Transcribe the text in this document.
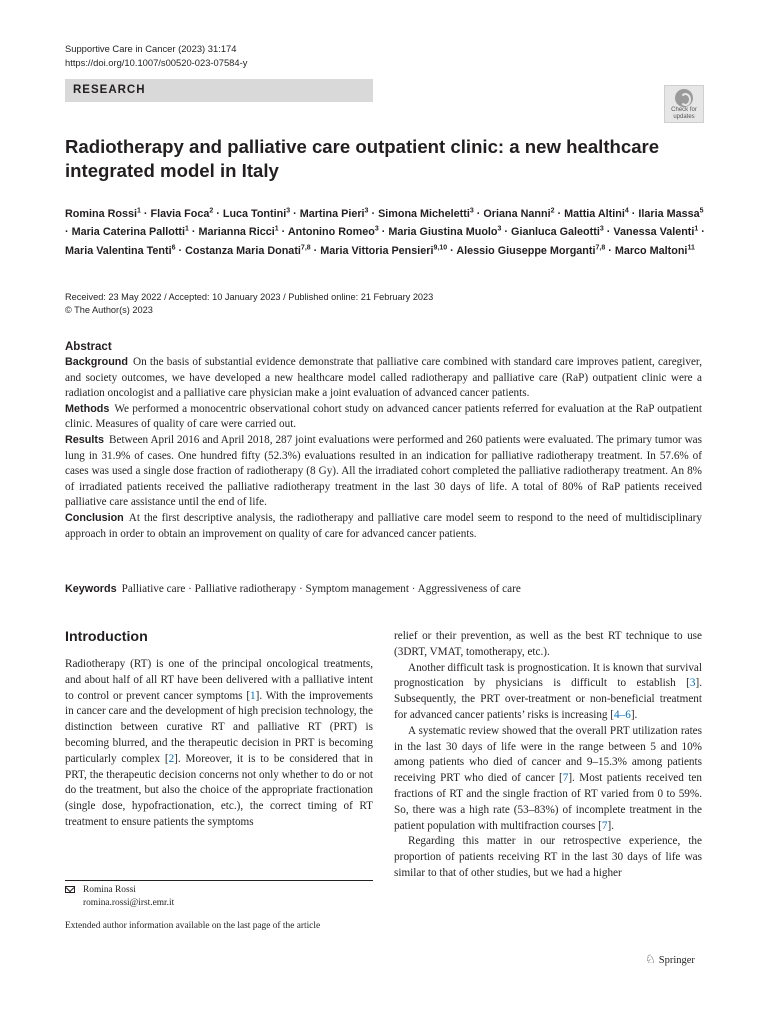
Supportive Care in Cancer (2023) 31:174
https://doi.org/10.1007/s00520-023-07584-y
RESEARCH
Check for
updates
Radiotherapy and palliative care outpatient clinic: a new healthcare integrated model in Italy
Romina Rossi$^1$ · Flavia Foca$^2$ · Luca Tontini$^3$ · Martina Pieri$^3$ · Simona Micheletti$^3$ · Oriana Nanni$^2$ · Mattia Altini$^4$ · Ilaria Massa$^5$ · Maria Caterina Pallotti$^1$ · Marianna Ricci$^1$ · Antonino Romeo$^3$ · Maria Giustina Muolo$^3$ · Gianluca Galeotti$^3$ · Vanessa Valenti$^1$ · Maria Valentina Tenti$^6$ · Costanza Maria Donati$^{7,8}$ · Maria Vittoria Pensieri$^{9,10}$ · Alessio Giuseppe Morganti$^{7,8}$ · Marco Maltoni$^{11}$
Received: 23 May 2022 / Accepted: 10 January 2023 / Published online: 21 February 2023
© The Author(s) 2023
Abstract

Background On the basis of substantial evidence demonstrate that palliative care combined with standard care improves patient, caregiver, and society outcomes, we have developed a new healthcare model called radiotherapy and palliative care (RaP) outpatient clinic were a radiation oncologist and a palliative care physician make a joint evaluation of advanced cancer patients.

Methods We performed a monocentric observational cohort study on advanced cancer patients referred for evaluation at the RaP outpatient clinic. Measures of quality of care were carried out.

Results Between April 2016 and April 2018, 287 joint evaluations were performed and 260 patients were evaluated. The primary tumor was lung in 31.9% of cases. One hundred fifty (52.3%) evaluations resulted in an indication for palliative radiotherapy treatment. In 57.6% of cases was used a single dose fraction of radiotherapy (8 Gy). All the irradiated cohort completed the palliative radiotherapy treatment. An 8% of irradiated patients received the palliative radiotherapy treatment in the last 30 days of life. A total of 80% of RaP patients received palliative care assistance until the end of life.

Conclusion At the first descriptive analysis, the radiotherapy and palliative care model seem to respond to the need of multidisciplinary approach in order to obtain an improvement on quality of care for advanced cancer patients.

Keywords Palliative care · Palliative radiotherapy · Symptom management · Aggressiveness of care
Introduction

Radiotherapy (RT) is one of the principal oncological treatments, and about half of all RT have been delivered with a palliative intent to control or prevent cancer symptoms [1]. With the improvements in cancer care and the development of high precision technology, the distinction between curative RT and palliative RT (PRT) is becoming blurred, and the therapeutic decision in PRT is becoming particularly complex [2]. Moreover, it is to be considered that in PRT, the therapeutic decision concerns not only whether to do or not do the treatment, but also the choice of the appropriate fractionation (single dose, hypofractionation, etc.), the correct timing of RT treatment to ensure patients the symptoms

relief or their prevention, as well as the best RT technique to use (3DRT, VMAT, tomotherapy, etc.).

Another difficult task is prognostication. It is known that survival prognostication by physicians is difficult to establish [3]. Subsequently, the PRT over-treatment or non-beneficial treatment for advanced cancer patients’ risks is increasing [4–6].

A systematic review showed that the overall PRT utilization rates in the last 30 days of life were in the range between 5 and 10% among patients who died of cancer and 9–15.3% among patients receiving PRT who died of cancer [7]. Most patients received ten fractions of RT and the single fraction of RT varied from 0 to 59%. So, there was a high rate (53–83%) of incomplete treatment in the patient population with multifraction courses [7].

Regarding this matter in our retrospective experience, the proportion of patients receiving RT in the last 30 days of life was similar to that of other studies, but we had a higher

Romina Rossi
romina.rossi@irst.emr.it
Extended author information available on the last page of the article
♘ Springer
